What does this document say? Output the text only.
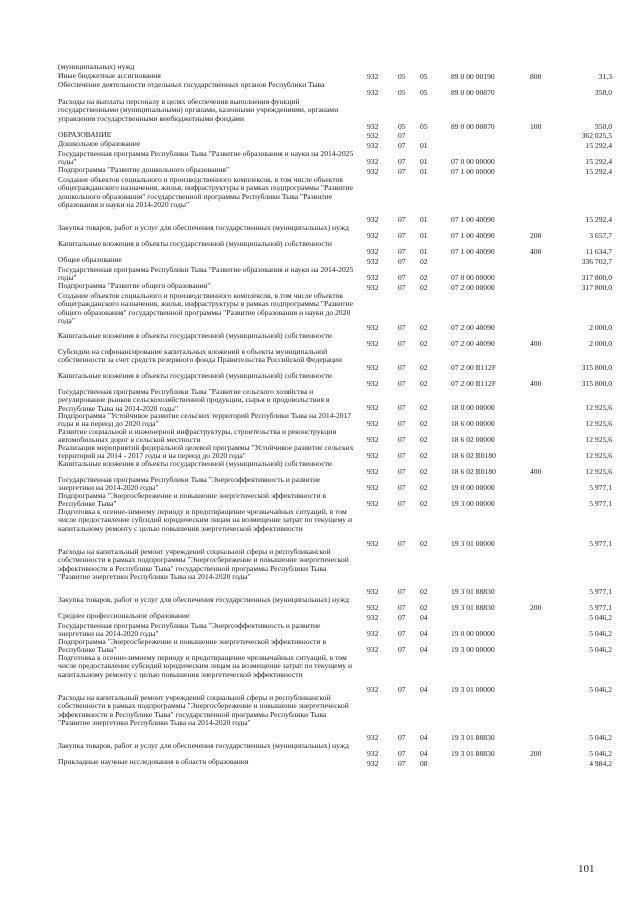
(муниципальных) нужд
Иные бюджетные ассигнования	932	05 05	89 0 00 00190	800	31,3
Обеспечение деятельности отдельных государственных органов Республики Тыва
932	05 05	89 0 00 00870	350,0
Расходы на выплаты персоналу в целях обеспечения выполнения функций государственными (муниципальными) органами, казенными учреждениями, органами управления государственными внебюджетными фондами
932	05 05	89 0 00 00870	100	350,0
ОБРАЗОВАНИЕ	932	07	362 025,5
Дошкольное образование	932	07 01	15 292,4
Государственная программа Республики Тыва "Развитие образования и науки на 2014-2025 годы"	932	07 01	07 0 00 00000	15 292,4
Подпрограмма "Развитие дошкольного образования"	932	07 01	07 1 00 00000	15 292,4
Создание объектов социального и производственного комплексов, в том числе объектов общегражданского назначения, жилья, инфраструктуры в рамках подпрограммы "Развитие дошкольного образования" государственной программы Республики Тыва "Развитие образования и науки на 2014-2020 годы"
932	07 01	07 1 00 40090	15 292,4
Закупка товаров, работ и услуг для обеспечения государственных (муниципальных) нужд
932	07 01	07 1 00 40090	200	3 657,7
Капитальные вложения в объекты государственной (муниципальной) собственности
932	07 01	07 1 00 40090	400	11 634,7
Общее образование	932	07 02	336 702,7
Государственная программа Республики Тыва "Развитие образования и науки на 2014-2025 годы"	932	07 02	07 0 00 00000	317 800,0
Подпрограмма "Развитие общего образования"	932	07 02	07 2 00 00000	317 800,0
Создание объектов социального и производственного комплексов, в том числе объектов общегражданского назначения, жилья, инфраструктуры в рамках подпрограммы "Развитие общего образования" государственной программы "Развитие образования и науки до 2020 года"
932	07 02	07 2 00 40090	2 000,0
Капитальные вложения в объекты государственной (муниципальной) собственности
932	07 02	07 2 00 40090	400	2 000,0
Субсидии на софинансирование капитальных вложений в объекты муниципальной собственности за счет средств резервного фонда Правительства Российской Федерации
932	07 02	07 2 00 R112F	315 800,0
Капитальные вложения в объекты государственной (муниципальной) собственности
932	07 02	07 2 00 R112F	400	315 800,0
Государственная программа Республики Тыва "Развитие сельского хозяйства и регулирование рынков сельскохозяйственной продукции, сырья и продовольствия в Республике Тыва на 2014-2020 годы"	932	07 02	18 0 00 00000	12 925,6
Подпрограмма "Устойчивое развитие сельских территорий Республики Тыва на 2014-2017 годы и на период до 2020 года"	932	07 02	18 6 00 00000	12 925,6
Развитие социальной и инженерной инфраструктуры, строительства и реконструкции автомобильных дорог в сельской местности	932	07 02	18 6 02 00000	12 925,6
Реализация мероприятий федеральной целевой программы "Устойчивое развитие сельских территорий на 2014 - 2017 годы и на период до 2020 года"	932	07 02	18 6 02 R0180	12 925,6
Капитальные вложения в объекты государственной (муниципальной) собственности
932	07 02	18 6 02 R0180	400	12 925,6
Государственная программа Республики Тыва "Энергоэффективность и развитие энергетики на 2014-2020 годы"	932	07 02	19 0 00 00000	5 977,1
Подпрограмма "Энергосбережение и повышение энергетической эффективности в Республике Тыва"	932	07 02	19 3 00 00000	5 977,1
Подготовка к осенне-зимнему периоду и предотвращение чрезвычайных ситуаций, в том числе предоставление субсидий юридическим лицам на возмещение затрат по текущему и капитальному ремонту с целью повышения энергетической эффективности
932	07 02	19 3 01 00000	5 977,1
Расходы на капитальный ремонт учреждений социальной сферы и республиканской собственности в рамках подпрограммы "Энергосбережение и повышение энергетической эффективности в Республике Тыва" государственной программы Республики Тыва "Развитие энергетики Республики Тыва на 2014-2020 годы"
932	07 02	19 3 01 88830	5 977,1
Закупка товаров, работ и услуг для обеспечения государственных (муниципальных) нужд
932	07 02	19 3 01 88830	200	5 977,1
Среднее профессиональное образование	932	07 04	5 046,2
Государственная программа Республики Тыва "Энергоэффективность и развитие энергетики на 2014-2020 годы"	932	07 04	19 0 00 00000	5 046,2
Подпрограмма "Энергосбережение и повышение энергетической эффективности в Республике Тыва"	932	07 04	19 3 00 00000	5 046,2
Подготовка к осенне-зимнему периоду и предотвращение чрезвычайных ситуаций, в том числе предоставление субсидий юридическим лицам на возмещение затрат по текущему и капитальному ремонту с целью повышения энергетической эффективности
932	07 04	19 3 01 00000	5 046,2
Расходы на капитальный ремонт учреждений социальной сферы и республиканской собственности в рамках подпрограммы "Энергосбережение и повышение энергетической эффективности в Республике Тыва" государственной программы Республики Тыва "Развитие энергетики Республики Тыва на 2014-2020 годы"
932	07 04	19 3 01 88830	5 046,2
Закупка товаров, работ и услуг для обеспечения государственных (муниципальных) нужд
932	07 04	19 3 01 88830	200	5 046,2
Прикладные научные исследования в области образования	932	07 08	4 984,2
101
